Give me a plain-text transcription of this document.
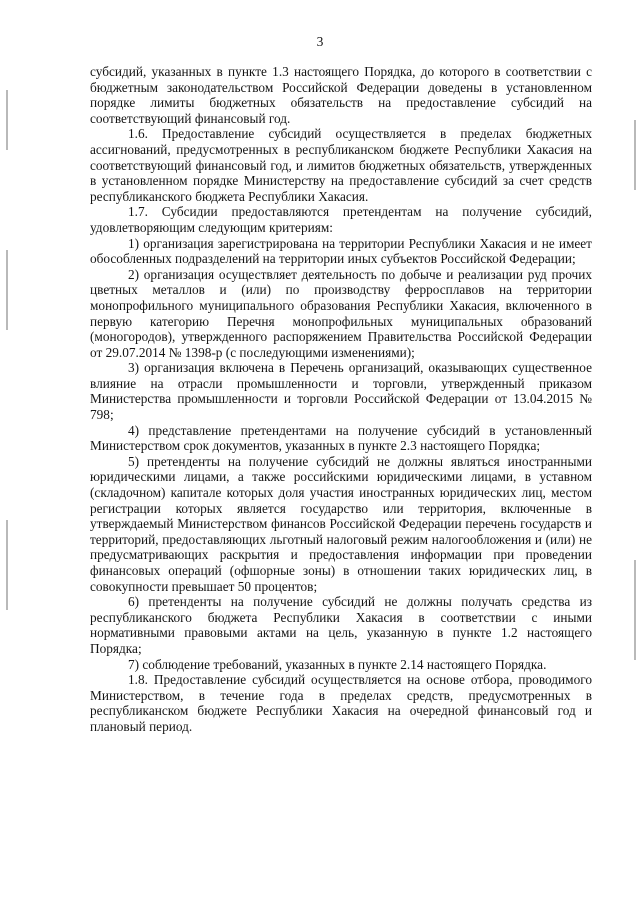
3

субсидий, указанных в пункте 1.3 настоящего Порядка, до которого в соответствии с бюджетным законодательством Российской Федерации доведены в установленном порядке лимиты бюджетных обязательств на предоставление субсидий на соответствующий финансовый год.

1.6. Предоставление субсидий осуществляется в пределах бюджетных ассигнований, предусмотренных в республиканском бюджете Республики Хакасия на соответствующий финансовый год, и лимитов бюджетных обязательств, утвержденных в установленном порядке Министерству на предоставление субсидий за счет средств республиканского бюджета Республики Хакасия.

1.7. Субсидии предоставляются претендентам на получение субсидий, удовлетворяющим следующим критериям:

1) организация зарегистрирована на территории Республики Хакасия и не имеет обособленных подразделений на территории иных субъектов Российской Федерации;

2) организация осуществляет деятельность по добыче и реализации руд прочих цветных металлов и (или) по производству ферросплавов на территории монопрофильного муниципального образования Республики Хакасия, включенного в первую категорию Перечня монопрофильных муниципальных образований (моногородов), утвержденного распоряжением Правительства Российской Федерации от 29.07.2014 № 1398-р (с последующими изменениями);

3) организация включена в Перечень организаций, оказывающих существенное влияние на отрасли промышленности и торговли, утвержденный приказом Министерства промышленности и торговли Российской Федерации от 13.04.2015 № 798;

4) представление претендентами на получение субсидий в установленный Министерством срок документов, указанных в пункте 2.3 настоящего Порядка;

5) претенденты на получение субсидий не должны являться иностранными юридическими лицами, а также российскими юридическими лицами, в уставном (складочном) капитале которых доля участия иностранных юридических лиц, местом регистрации которых является государство или территория, включенные в утверждаемый Министерством финансов Российской Федерации перечень государств и территорий, предоставляющих льготный налоговый режим налогообложения и (или) не предусматривающих раскрытия и предоставления информации при проведении финансовых операций (офшорные зоны) в отношении таких юридических лиц, в совокупности превышает 50 процентов;

6) претенденты на получение субсидий не должны получать средства из республиканского бюджета Республики Хакасия в соответствии с иными нормативными правовыми актами на цель, указанную в пункте 1.2 настоящего Порядка;

7) соблюдение требований, указанных в пункте 2.14 настоящего Порядка.

1.8. Предоставление субсидий осуществляется на основе отбора, проводимого Министерством, в течение года в пределах средств, предусмотренных в республиканском бюджете Республики Хакасия на очередной финансовый год и плановый период.
